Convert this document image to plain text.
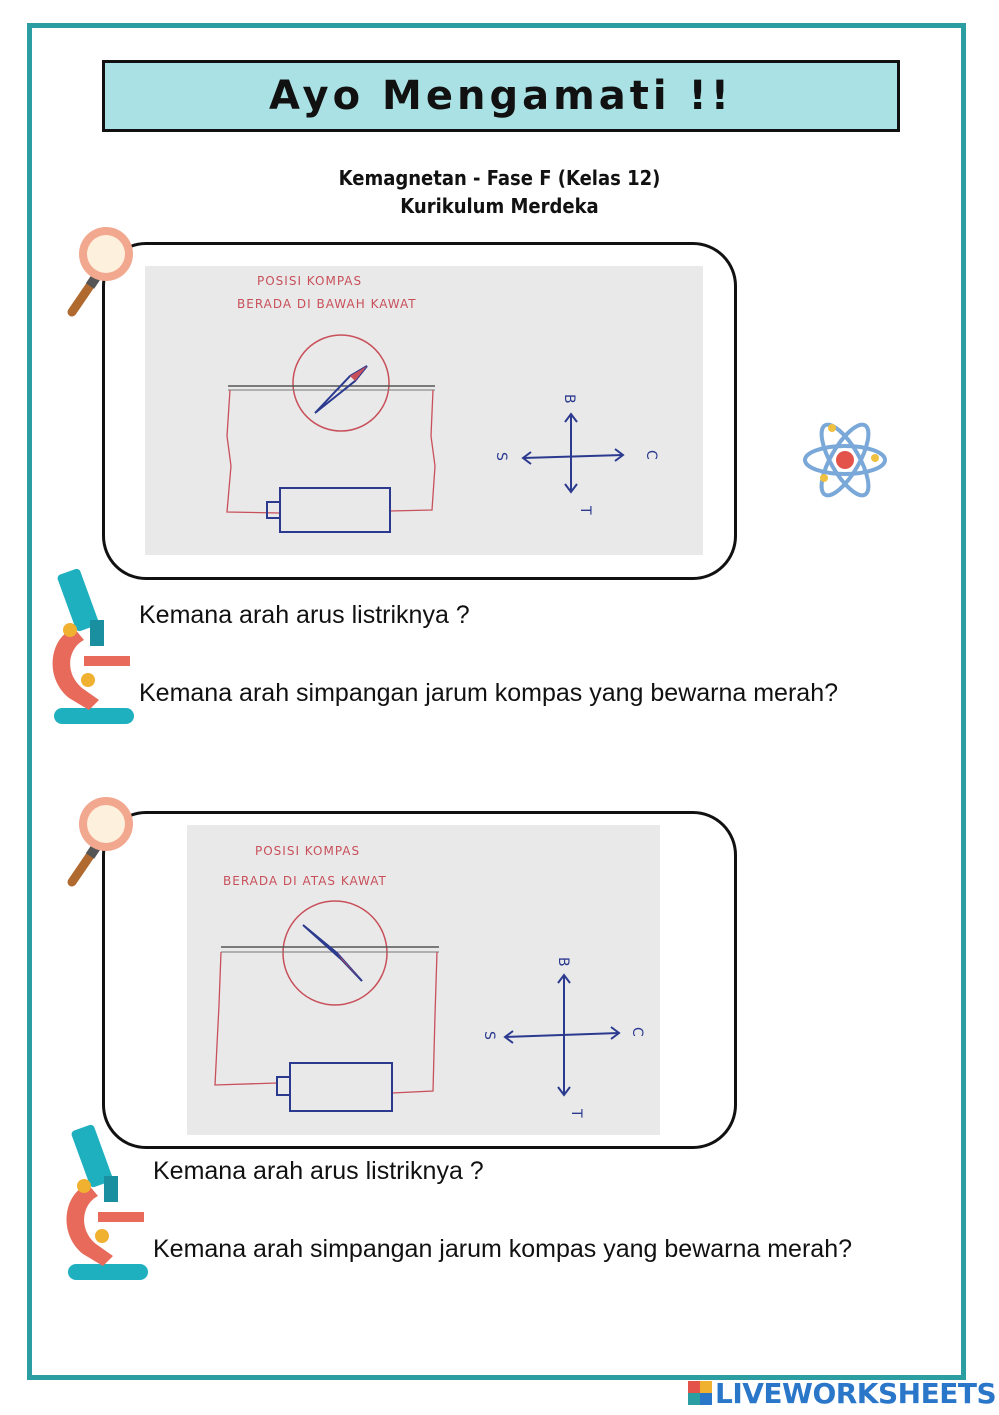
Ayo Mengamati !!
Kemagnetan - Fase F (Kelas 12)
Kurikulum Merdeka
POSISI KOMPAS
BERADA DI BAWAH KAWAT
B
T
C
S
Kemana arah arus listriknya ?
Kemana arah simpangan jarum kompas yang bewarna merah?
POSISI KOMPAS
BERADA DI ATAS KAWAT
B
T
C
S
Kemana arah arus listriknya ?
Kemana arah simpangan jarum kompas yang bewarna merah?
LIVEWORKSHEETS
